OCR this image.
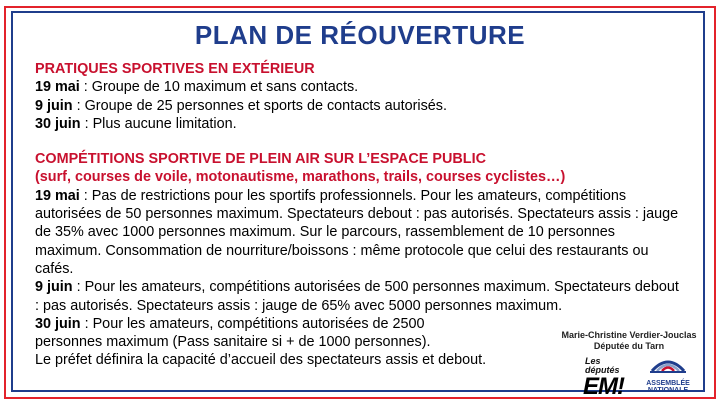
PLAN DE RÉOUVERTURE

PRATIQUES SPORTIVES EN EXTÉRIEUR

19 mai : Groupe de 10 maximum et sans contacts.

9 juin : Groupe de 25 personnes et sports de contacts autorisés.

30 juin : Plus aucune limitation.

COMPÉTITIONS SPORTIVE DE PLEIN AIR SUR L’ESPACE PUBLIC

(surf, courses de voile, motonautisme, marathons, trails, courses cyclistes…)

19 mai : Pas de restrictions pour les sportifs professionnels. Pour les amateurs, compétitions autorisées de 50 personnes maximum. Spectateurs debout : pas autorisés. Spectateurs assis : jauge de 35% avec 1000 personnes maximum. Sur le parcours, rassemblement de 10 personnes maximum. Consommation de nourriture/boissons : même protocole que celui des restaurants ou cafés.

9 juin : Pour les amateurs, compétitions autorisées de 500 personnes maximum. Spectateurs debout : pas autorisés. Spectateurs assis : jauge de 65% avec 5000 personnes maximum.

30 juin : Pour les amateurs, compétitions autorisées de 2500

personnes maximum (Pass sanitaire si + de 1000 personnes).

Le préfet définira la capacité d’accueil des spectateurs assis et debout.

Marie-Christine Verdier-Jouclas
Députée du Tarn
Les députés
EM!	ASSEMBLÉE
NATIONALE
